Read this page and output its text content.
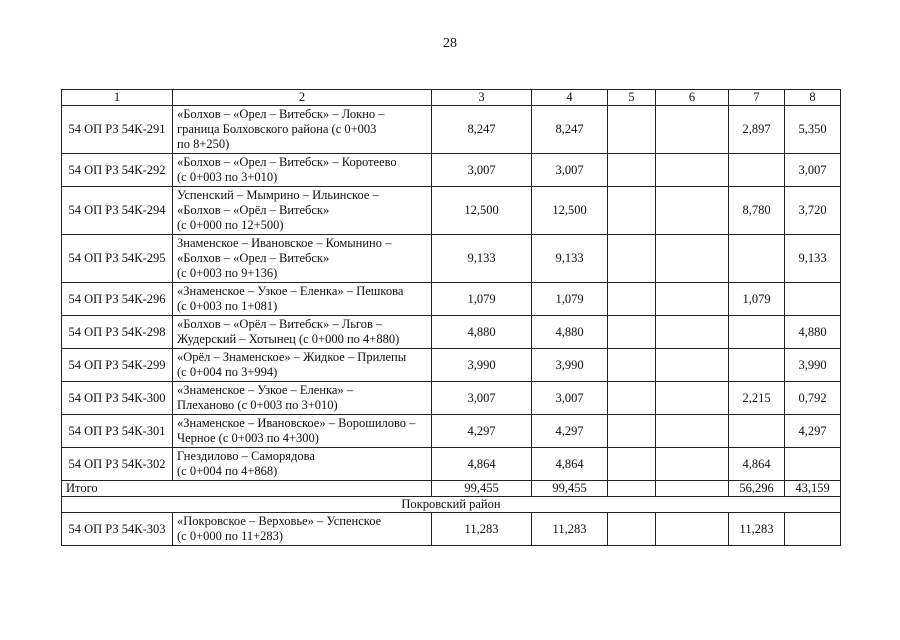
28
1	2	3	4	5	6	7	8
54 ОП РЗ 54К-291	«Болхов – «Орел – Витебск» – Локно –
граница Болховского района (с 0+003
по 8+250)	8,247	8,247			2,897	5,350
54 ОП РЗ 54К-292	«Болхов – «Орел – Витебск» – Коротеево
(с 0+003 по 3+010)	3,007	3,007				3,007
54 ОП РЗ 54К-294	Успенский – Мымрино – Ильинское –
«Болхов – «Орёл – Витебск»
(с 0+000 по 12+500)	12,500	12,500			8,780	3,720
54 ОП РЗ 54К-295	Знаменское – Ивановское – Комынино –
«Болхов – «Орел – Витебск»
(с 0+003 по 9+136)	9,133	9,133				9,133
54 ОП РЗ 54К-296	«Знаменское – Узкое – Еленка» – Пешкова
(с 0+003 по 1+081)	1,079	1,079			1,079	
54 ОП РЗ 54К-298	«Болхов – «Орёл – Витебск» – Льгов –
Жудерский – Хотынец (с 0+000 по 4+880)	4,880	4,880				4,880
54 ОП РЗ 54К-299	«Орёл – Знаменское» – Жидкое – Прилепы
(с 0+004 по 3+994)	3,990	3,990				3,990
54 ОП РЗ 54К-300	«Знаменское – Узкое – Еленка» –
Плеханово (с 0+003 по 3+010)	3,007	3,007			2,215	0,792
54 ОП РЗ 54К-301	«Знаменское – Ивановское» – Ворошилово –
Черное (с 0+003 по 4+300)	4,297	4,297				4,297
54 ОП РЗ 54К-302	Гнездилово – Саморядова
(с 0+004 по 4+868)	4,864	4,864			4,864	
Итого		99,455	99,455			56,296	43,159
Покровский район							
54 ОП РЗ 54К-303	«Покровское – Верховье» – Успенское
(с 0+000 по 11+283)	11,283	11,283			11,283	
